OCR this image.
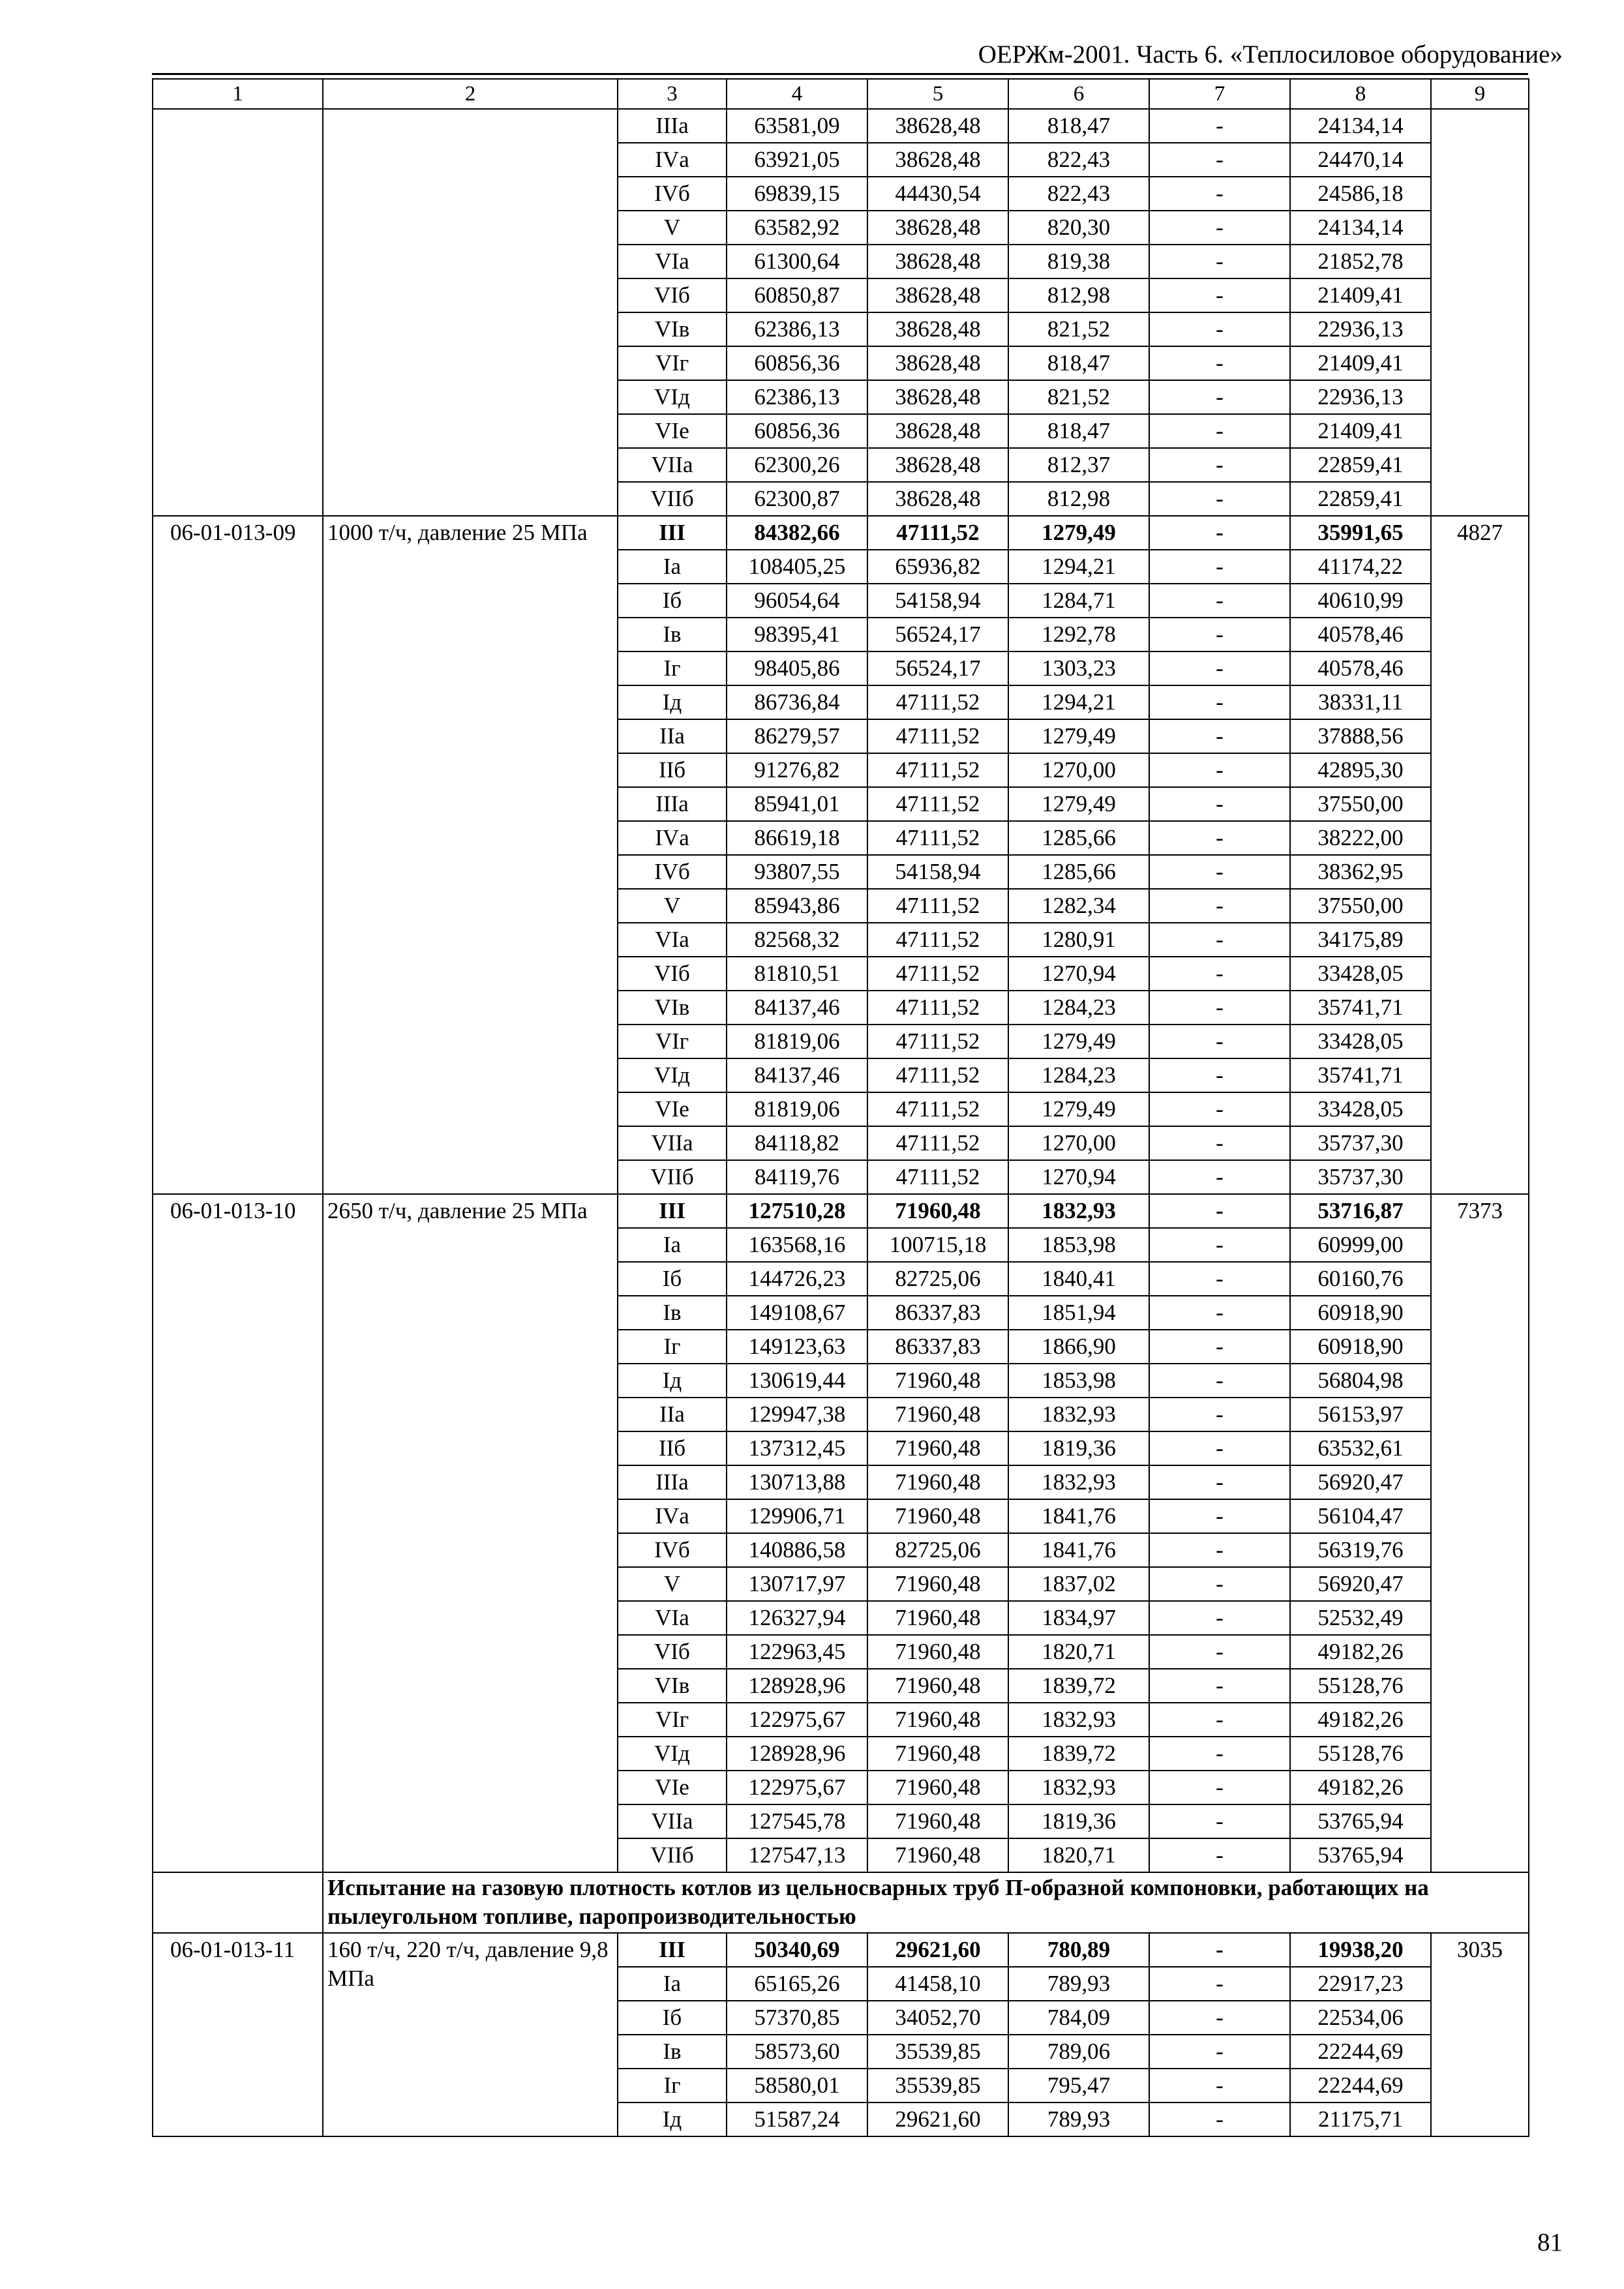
ОЕРЖм-2001. Часть 6. «Теплосиловое оборудование»
1	2	3	4	5	6	7	8	9
		IIIа	63581,09	38628,48	818,47	-	24134,14	
		IVа	63921,05	38628,48	822,43	-	24470,14	
		IVб	69839,15	44430,54	822,43	-	24586,18	
		V	63582,92	38628,48	820,30	-	24134,14	
		VIа	61300,64	38628,48	819,38	-	21852,78	
		VIб	60850,87	38628,48	812,98	-	21409,41	
		VIв	62386,13	38628,48	821,52	-	22936,13	
		VIг	60856,36	38628,48	818,47	-	21409,41	
		VIд	62386,13	38628,48	821,52	-	22936,13	
		VIе	60856,36	38628,48	818,47	-	21409,41	
		VIIа	62300,26	38628,48	812,37	-	22859,41	
		VIIб	62300,87	38628,48	812,98	-	22859,41	
06-01-013-09	1000 т/ч, давление 25 МПа	III	84382,66	47111,52	1279,49	-	35991,65	4827
		Iа	108405,25	65936,82	1294,21	-	41174,22	
		Iб	96054,64	54158,94	1284,71	-	40610,99	
		Iв	98395,41	56524,17	1292,78	-	40578,46	
		Iг	98405,86	56524,17	1303,23	-	40578,46	
		Iд	86736,84	47111,52	1294,21	-	38331,11	
		IIа	86279,57	47111,52	1279,49	-	37888,56	
		IIб	91276,82	47111,52	1270,00	-	42895,30	
		IIIа	85941,01	47111,52	1279,49	-	37550,00	
		IVа	86619,18	47111,52	1285,66	-	38222,00	
		IVб	93807,55	54158,94	1285,66	-	38362,95	
		V	85943,86	47111,52	1282,34	-	37550,00	
		VIа	82568,32	47111,52	1280,91	-	34175,89	
		VIб	81810,51	47111,52	1270,94	-	33428,05	
		VIв	84137,46	47111,52	1284,23	-	35741,71	
		VIг	81819,06	47111,52	1279,49	-	33428,05	
		VIд	84137,46	47111,52	1284,23	-	35741,71	
		VIе	81819,06	47111,52	1279,49	-	33428,05	
		VIIа	84118,82	47111,52	1270,00	-	35737,30	
		VIIб	84119,76	47111,52	1270,94	-	35737,30	
06-01-013-10	2650 т/ч, давление 25 МПа	III	127510,28	71960,48	1832,93	-	53716,87	7373
		Iа	163568,16	100715,18	1853,98	-	60999,00	
		Iб	144726,23	82725,06	1840,41	-	60160,76	
		Iв	149108,67	86337,83	1851,94	-	60918,90	
		Iг	149123,63	86337,83	1866,90	-	60918,90	
		Iд	130619,44	71960,48	1853,98	-	56804,98	
		IIа	129947,38	71960,48	1832,93	-	56153,97	
		IIб	137312,45	71960,48	1819,36	-	63532,61	
		IIIа	130713,88	71960,48	1832,93	-	56920,47	
		IVа	129906,71	71960,48	1841,76	-	56104,47	
		IVб	140886,58	82725,06	1841,76	-	56319,76	
		V	130717,97	71960,48	1837,02	-	56920,47	
		VIа	126327,94	71960,48	1834,97	-	52532,49	
		VIб	122963,45	71960,48	1820,71	-	49182,26	
		VIв	128928,96	71960,48	1839,72	-	55128,76	
		VIг	122975,67	71960,48	1832,93	-	49182,26	
		VIд	128928,96	71960,48	1839,72	-	55128,76	
		VIе	122975,67	71960,48	1832,93	-	49182,26	
		VIIа	127545,78	71960,48	1819,36	-	53765,94	
		VIIб	127547,13	71960,48	1820,71	-	53765,94	
	Испытание на газовую плотность котлов из цельносварных труб П-образной компоновки, работающих на пылеугольном топливе, паропроизводительностью							
06-01-013-11	160 т/ч, 220 т/ч, давление 9,8 МПа	III	50340,69	29621,60	780,89	-	19938,20	3035
		Iа	65165,26	41458,10	789,93	-	22917,23	
		Iб	57370,85	34052,70	784,09	-	22534,06	
		Iв	58573,60	35539,85	789,06	-	22244,69	
		Iг	58580,01	35539,85	795,47	-	22244,69	
		Iд	51587,24	29621,60	789,93	-	21175,71	
81
